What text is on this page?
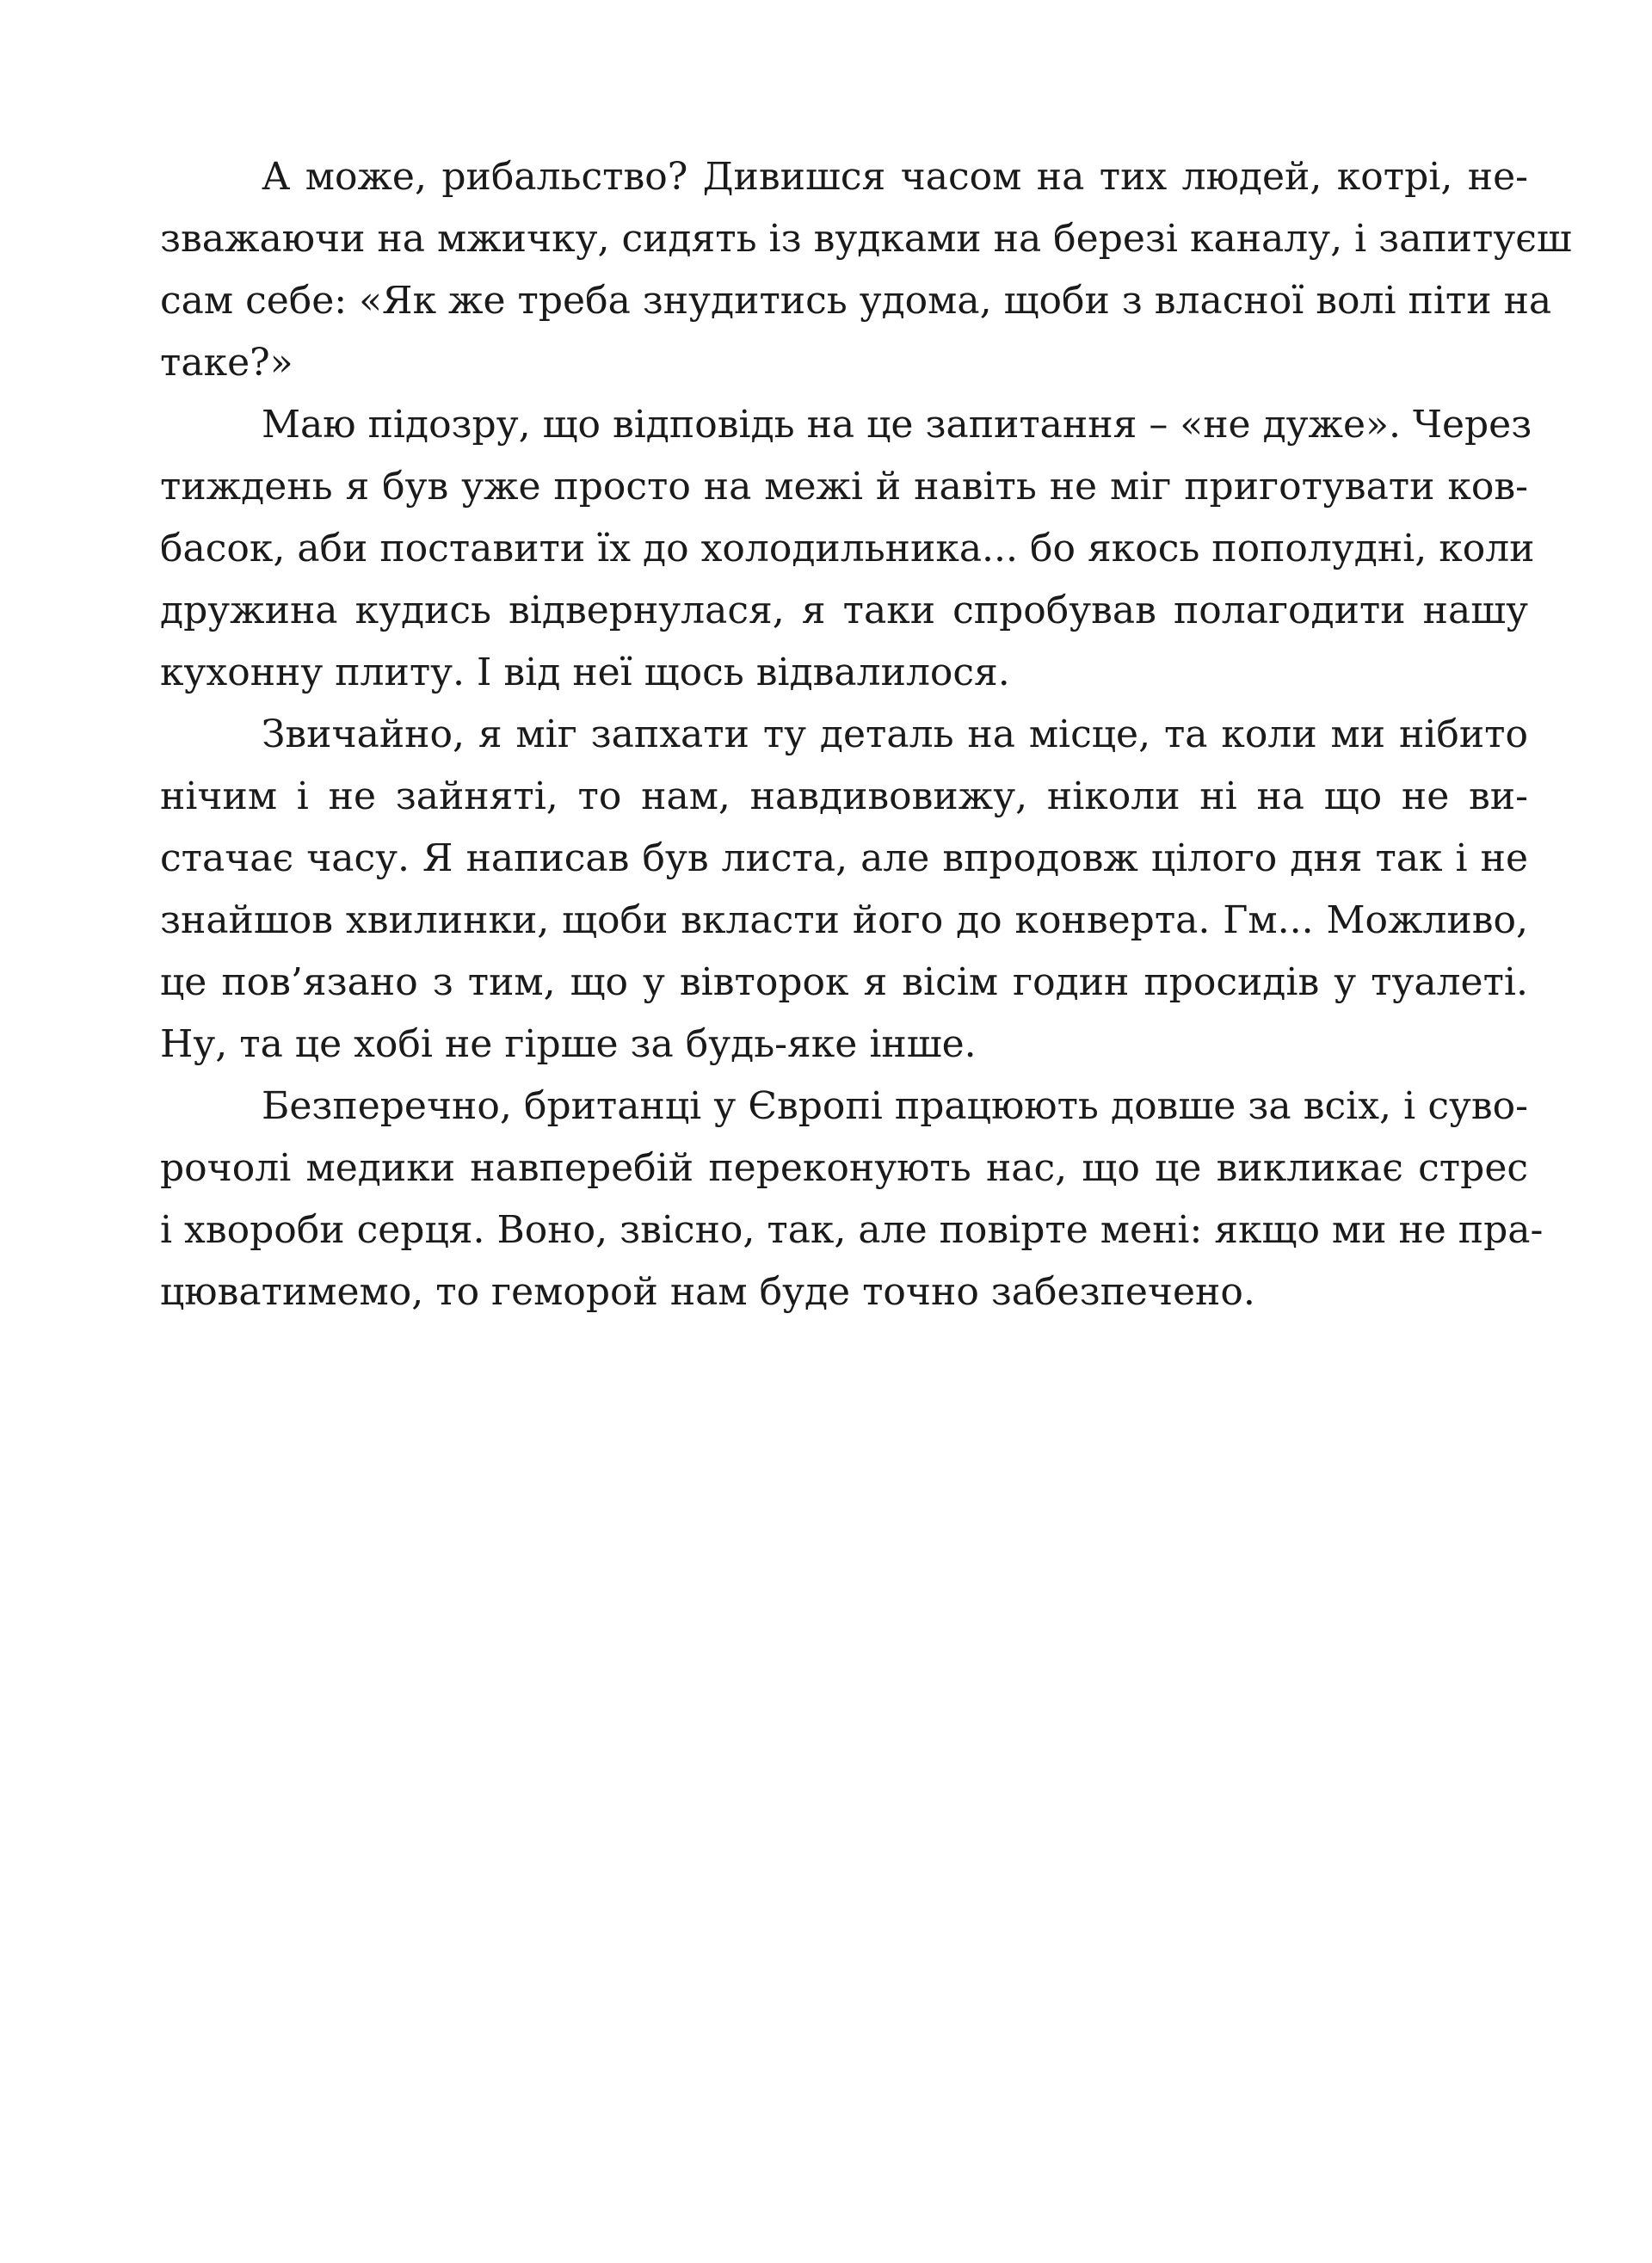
А може, рибальство? Дивишся часом на тих людей, котрі, не-
зважаючи на мжичку, сидять із вудками на березі каналу, і запитуєш
сам себе: «Як же треба знудитись удома, щоби з власної волі піти на
таке?»
Маю підозру, що відповідь на це запитання – «не дуже». Через
тиждень я був уже просто на межі й навіть не міг приготувати ков-
басок, аби поставити їх до холодильника... бо якось пополудні, коли
дружина кудись відвернулася, я таки спробував полагодити нашу
кухонну плиту. І від неї щось відвалилося.
Звичайно, я міг запхати ту деталь на місце, та коли ми нібито
нічим і не зайняті, то нам, навдивовижу, ніколи ні на що не ви-
стачає часу. Я написав був листа, але впродовж цілого дня так і не
знайшов хвилинки, щоби вкласти його до конверта. Гм... Можливо,
це пов’язано з тим, що у вівторок я вісім годин просидів у туалеті.
Ну, та це хобі не гірше за будь-яке інше.
Безперечно, британці у Європі працюють довше за всіх, і суво-
рочолі медики навперебій переконують нас, що це викликає стрес
і хвороби серця. Воно, звісно, так, але повірте мені: якщо ми не пра-
цюватимемо, то геморой нам буде точно забезпечено.
